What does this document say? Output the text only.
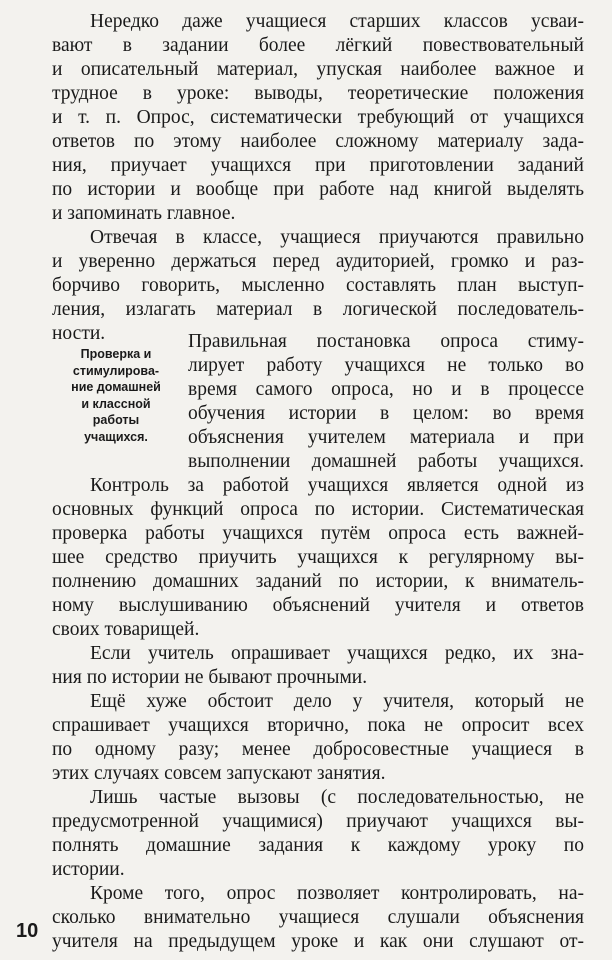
Нередко даже учащиеся старших классов усваи-
вают в задании более лёгкий повествовательный
и описательный материал, упуская наиболее важное и
трудное в уроке: выводы, теоретические положения
и т. п. Опрос, систематически требующий от учащихся
ответов по этому наиболее сложному материалу зада-
ния, приучает учащихся при приготовлении заданий
по истории и вообще при работе над книгой выделять
и запоминать главное.
Отвечая в классе, учащиеся приучаются правильно
и уверенно держаться перед аудиторией, громко и раз-
борчиво говорить, мысленно составлять план выступ-
ления, излагать материал в логической последователь-
ности.
Проверка и
стимулирова-
ние домашней
и классной
работы
учащихся.
Правильная постановка опроса стиму-
лирует работу учащихся не только во
время самого опроса, но и в процессе
обучения истории в целом: во время
объяснения учителем материала и при
выполнении домашней работы учащихся.
Контроль за работой учащихся является одной из
основных функций опроса по истории. Систематическая
проверка работы учащихся путём опроса есть важней-
шее средство приучить учащихся к регулярному вы-
полнению домашних заданий по истории, к вниматель-
ному выслушиванию объяснений учителя и ответов
своих товарищей.
Если учитель опрашивает учащихся редко, их зна-
ния по истории не бывают прочными.
Ещё хуже обстоит дело у учителя, который не
спрашивает учащихся вторично, пока не опросит всех
по одному разу; менее добросовестные учащиеся в
этих случаях совсем запускают занятия.
Лишь частые вызовы (с последовательностью, не
предусмотренной учащимися) приучают учащихся вы-
полнять домашние задания к каждому уроку по
истории.
Кроме того, опрос позволяет контролировать, на-
сколько внимательно учащиеся слушали объяснения
учителя на предыдущем уроке и как они слушают от-
10
